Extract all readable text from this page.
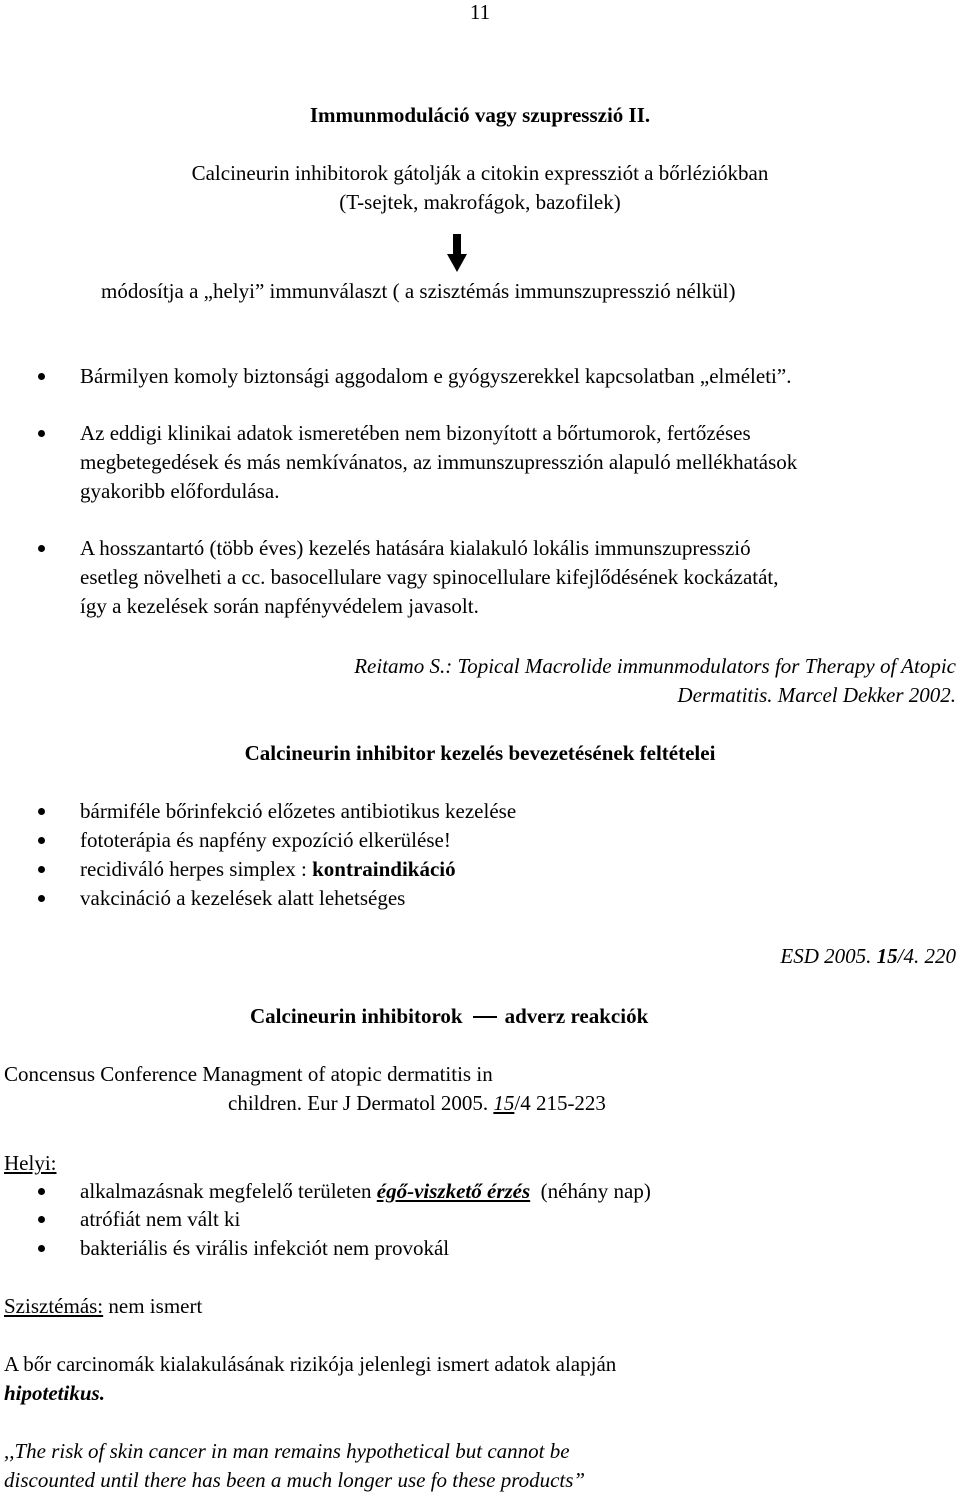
11
Immunmoduláció vagy szupresszió II.
Calcineurin inhibitorok gátolják a citokin expressziót a bőrléziókban
(T-sejtek, makrofágok, bazofilek)
módosítja a „helyi” immunválaszt ( a szisztémás immunszupresszió nélkül)
Bármilyen komoly biztonsági aggodalom e gyógyszerekkel kapcsolatban „elméleti”.
Az eddigi klinikai adatok ismeretében nem bizonyított a bőrtumorok, fertőzéses
megbetegedések és más nemkívánatos, az immunszupresszión alapuló mellékhatások
gyakoribb előfordulása.
A hosszantartó (több éves) kezelés hatására kialakuló lokális immunszupresszió
esetleg növelheti a cc. basocellulare vagy spinocellulare kifejlődésének kockázatát,
így a kezelések során napfényvédelem javasolt.
Reitamo S.: Topical Macrolide immunmodulators for Therapy of Atopic
Dermatitis. Marcel Dekker 2002.
Calcineurin inhibitor kezelés bevezetésének feltételei
bármiféle bőrinfekció előzetes antibiotikus kezelése
fototerápia és napfény expozíció elkerülése!
recidiváló herpes simplex : kontraindikáció
vakcináció a kezelések alatt lehetséges
ESD 2005. 15/4. 220
Calcineurin inhibitorok adverz reakciók
Concensus Conference Managment of atopic dermatitis in
children. Eur J Dermatol 2005. 15/4 215-223
Helyi:
alkalmazásnak megfelelő területen égő-viszkető érzés  (néhány nap)
atrófiát nem vált ki
bakteriális és virális infekciót nem provokál
Szisztémás: nem ismert
A bőr carcinomák kialakulásának rizikója jelenlegi ismert adatok alapján
hipotetikus.
,,The risk of skin cancer in man remains hypothetical but cannot be
discounted until there has been a much longer use fo these products”
